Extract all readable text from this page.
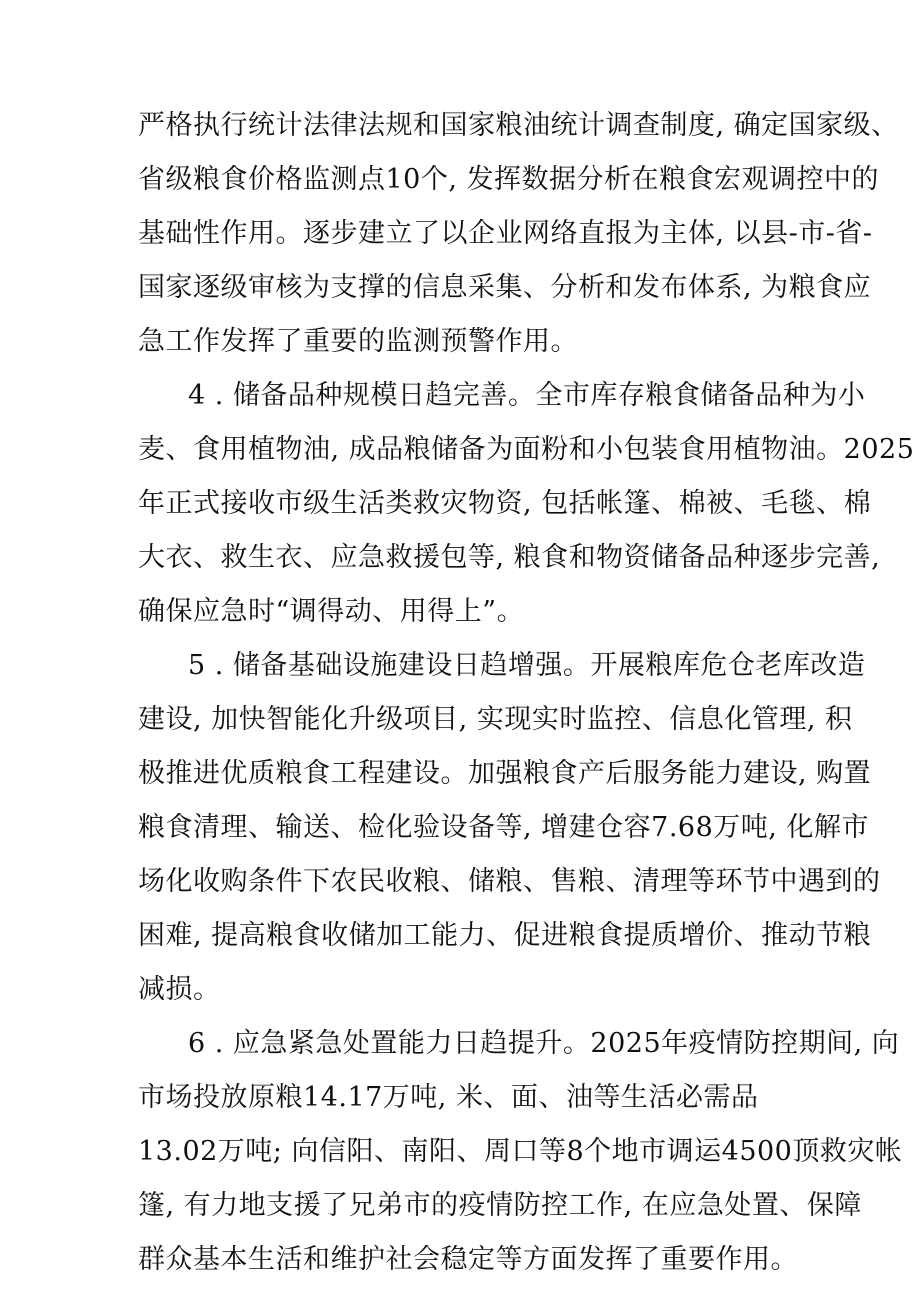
严格执行统计法律法规和国家粮油统计调查制度, 确定国家级、
省级粮食价格监测点10个, 发挥数据分析在粮食宏观调控中的
基础性作用。逐步建立了以企业网络直报为主体, 以县-市-省-
国家逐级审核为支撑的信息采集、分析和发布体系, 为粮食应
急工作发挥了重要的监测预警作用。
4 . 储备品种规模日趋完善。全市库存粮食储备品种为小
麦、食用植物油, 成品粮储备为面粉和小包装食用植物油。2025
年正式接收市级生活类救灾物资, 包括帐篷、棉被、毛毯、棉
大衣、救生衣、应急救援包等, 粮食和物资储备品种逐步完善,
确保应急时“调得动、用得上”。
5 . 储备基础设施建设日趋增强。开展粮库危仓老库改造
建设, 加快智能化升级项目, 实现实时监控、信息化管理, 积
极推进优质粮食工程建设。加强粮食产后服务能力建设, 购置
粮食清理、输送、检化验设备等, 增建仓容7.68万吨, 化解市
场化收购条件下农民收粮、储粮、售粮、清理等环节中遇到的
困难, 提高粮食收储加工能力、促进粮食提质增价、推动节粮
减损。
6 . 应急紧急处置能力日趋提升。2025年疫情防控期间, 向
市场投放原粮14.17万吨, 米、面、油等生活必需品
13.02万吨; 向信阳、南阳、周口等8个地市调运4500顶救灾帐
篷, 有力地支援了兄弟市的疫情防控工作, 在应急处置、保障
群众基本生活和维护社会稳定等方面发挥了重要作用。
